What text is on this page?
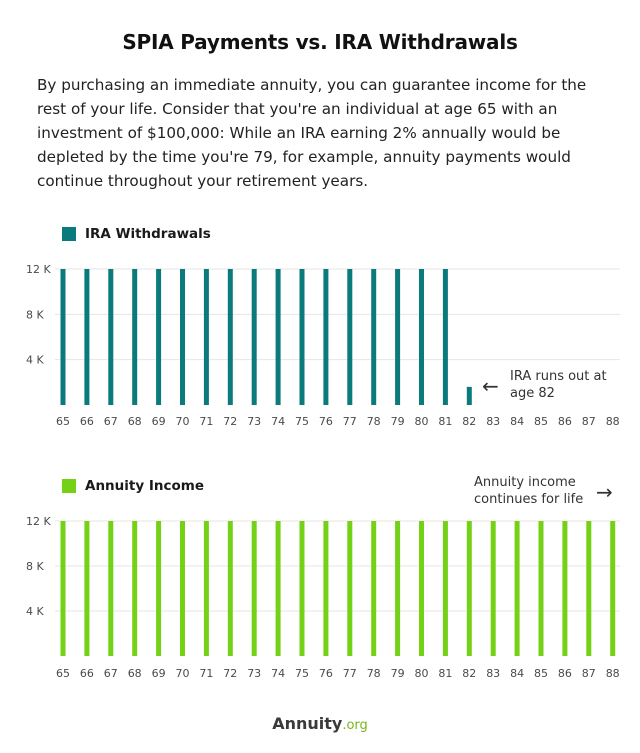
SPIA Payments vs. IRA Withdrawals

By purchasing an immediate annuity, you can guarantee income for the rest of your life. Consider that you're an individual at age 65 with an investment of $100,000: While an IRA earning 2% annually would be depleted by the time you're 79, for example, annuity payments would continue throughout your retirement years.

IRA Withdrawals
4 K
8 K
12 K
65 66 67 68 69 70 71 72 73 74 75 76 77 78 79 80 81 82 83 84 85 86 87 88
IRA runs out at age 82
←
Annuity Income
4 K
8 K
12 K
65 66 67 68 69 70 71 72 73 74 75 76 77 78 79 80 81 82 83 84 85 86 87 88
Annuity income continues for life →
Annuity.org
